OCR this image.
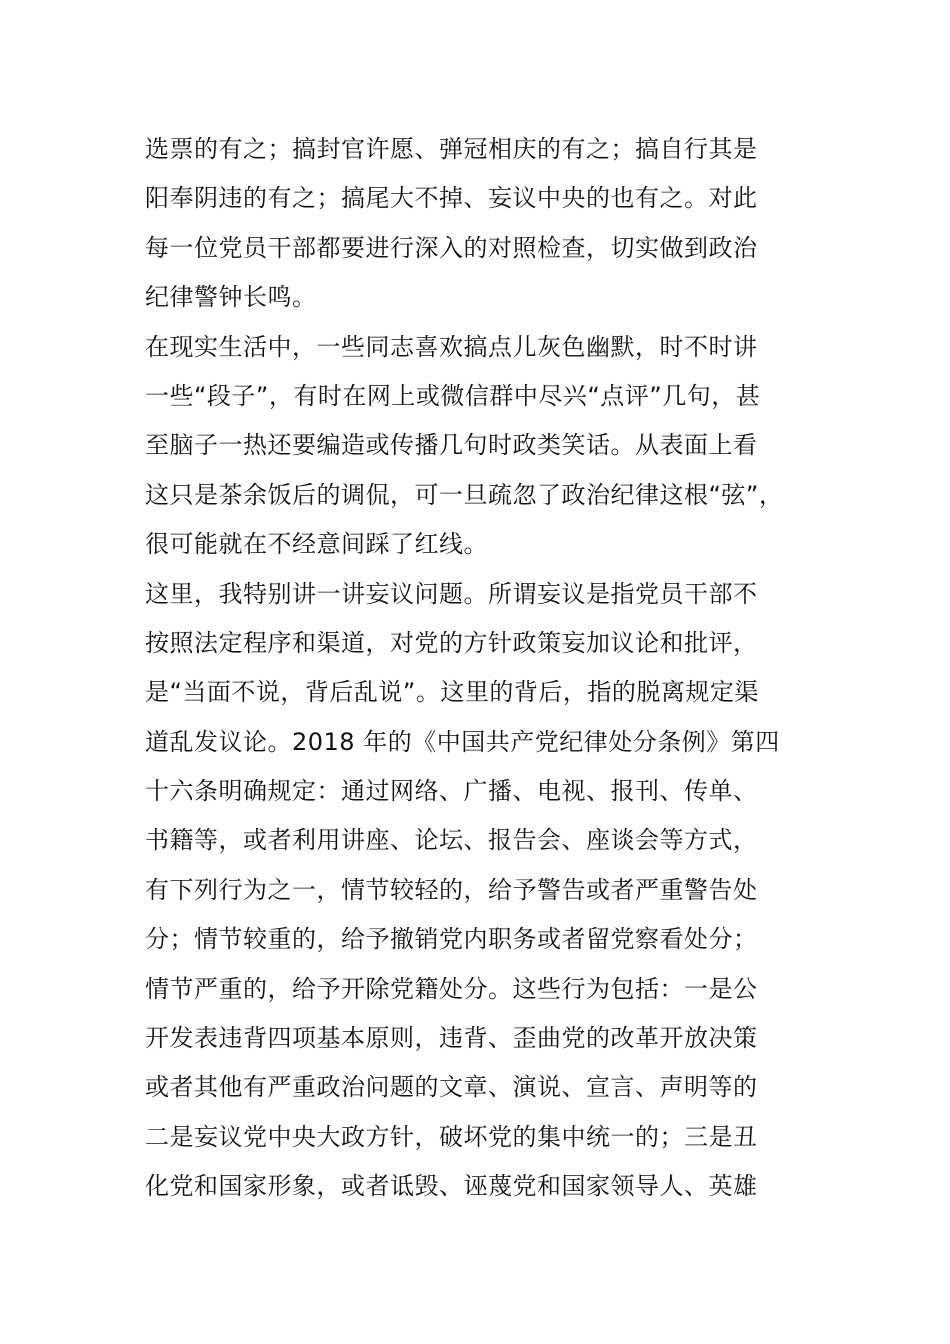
选票的有之；搞封官许愿、弹冠相庆的有之；搞自行其是
阳奉阴违的有之；搞尾大不掉、妄议中央的也有之。对此
每一位党员干部都要进行深入的对照检查，切实做到政治
纪律警钟长鸣。
在现实生活中，一些同志喜欢搞点儿灰色幽默，时不时讲
一些“段子”，有时在网上或微信群中尽兴“点评”几句，甚
至脑子一热还要编造或传播几句时政类笑话。从表面上看
这只是茶余饭后的调侃，可一旦疏忽了政治纪律这根“弦”，
很可能就在不经意间踩了红线。
这里，我特别讲一讲妄议问题。所谓妄议是指党员干部不
按照法定程序和渠道，对党的方针政策妄加议论和批评，
是“当面不说，背后乱说”。这里的背后，指的脱离规定渠
道乱发议论。2018 年的《中国共产党纪律处分条例》第四
十六条明确规定：通过网络、广播、电视、报刊、传单、
书籍等，或者利用讲座、论坛、报告会、座谈会等方式，
有下列行为之一，情节较轻的，给予警告或者严重警告处
分；情节较重的，给予撤销党内职务或者留党察看处分；
情节严重的，给予开除党籍处分。这些行为包括：一是公
开发表违背四项基本原则，违背、歪曲党的改革开放决策
或者其他有严重政治问题的文章、演说、宣言、声明等的
二是妄议党中央大政方针，破坏党的集中统一的；三是丑
化党和国家形象，或者诋毁、诬蔑党和国家领导人、英雄
